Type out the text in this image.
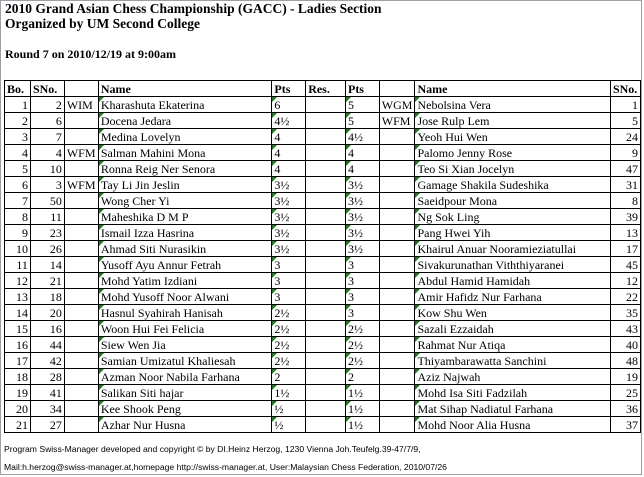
2010 Grand Asian Chess Championship (GACC) - Ladies Section
Organized by UM Second College
Round 7 on 2010/12/19 at 9:00am
Bo.	SNo.		Name	Pts	Res.	Pts		Name	SNo.
1	2	WIM	Kharashuta Ekaterina	6		5	WGM	Nebolsina Vera	1
2	6		Docena Jedara	4½		5	WFM	Jose Rulp Lem	5
3	7		Medina Lovelyn	4		4½		Yeoh Hui Wen	24
4	4	WFM	Salman Mahini Mona	4		4		Palomo Jenny Rose	9
5	10		Ronna Reig Ner Senora	4		4		Teo Si Xian Jocelyn	47
6	3	WFM	Tay Li Jin Jeslin	3½		3½		Gamage Shakila Sudeshika	31
7	50		Wong Cher Yi	3½		3½		Saeidpour Mona	8
8	11		Maheshika D M P	3½		3½		Ng Sok Ling	39
9	23		Ismail Izza Hasrina	3½		3½		Pang Hwei Yih	13
10	26		Ahmad Siti Nurasikin	3½		3½		Khairul Anuar Nooramieziatullai	17
11	14		Yusoff Ayu Annur Fetrah	3		3		Sivakurunathan Viththiyaranei	45
12	21		Mohd Yatim Izdiani	3		3		Abdul Hamid Hamidah	12
13	18		Mohd Yusoff Noor Alwani	3		3		Amir Hafidz Nur Farhana	22
14	20		Hasnul Syahirah Hanisah	2½		3		Kow Shu Wen	35
15	16		Woon Hui Fei Felicia	2½		2½		Sazali Ezzaidah	43
16	44		Siew Wen Jia	2½		2½		Rahmat Nur Atiqa	40
17	42		Samian Umizatul Khaliesah	2½		2½		Thiyambarawatta Sanchini	48
18	28		Azman Noor Nabila Farhana	2		2		Aziz Najwah	19
19	41		Salikan Siti hajar	1½		1½		Mohd Isa Siti Fadzilah	25
20	34		Kee Shook Peng	½		1½		Mat Sihap Nadiatul Farhana	36
21	27		Azhar Nur Husna	½		1½		Mohd Noor Alia Husna	37
Program Swiss-Manager developed and copyright © by DI.Heinz Herzog, 1230 Vienna Joh.Teufelg.39-47/7/9,
Mail:h.herzog@swiss-manager.at,homepage http://swiss-manager.at, User:Malaysian Chess Federation, 2010/07/26
